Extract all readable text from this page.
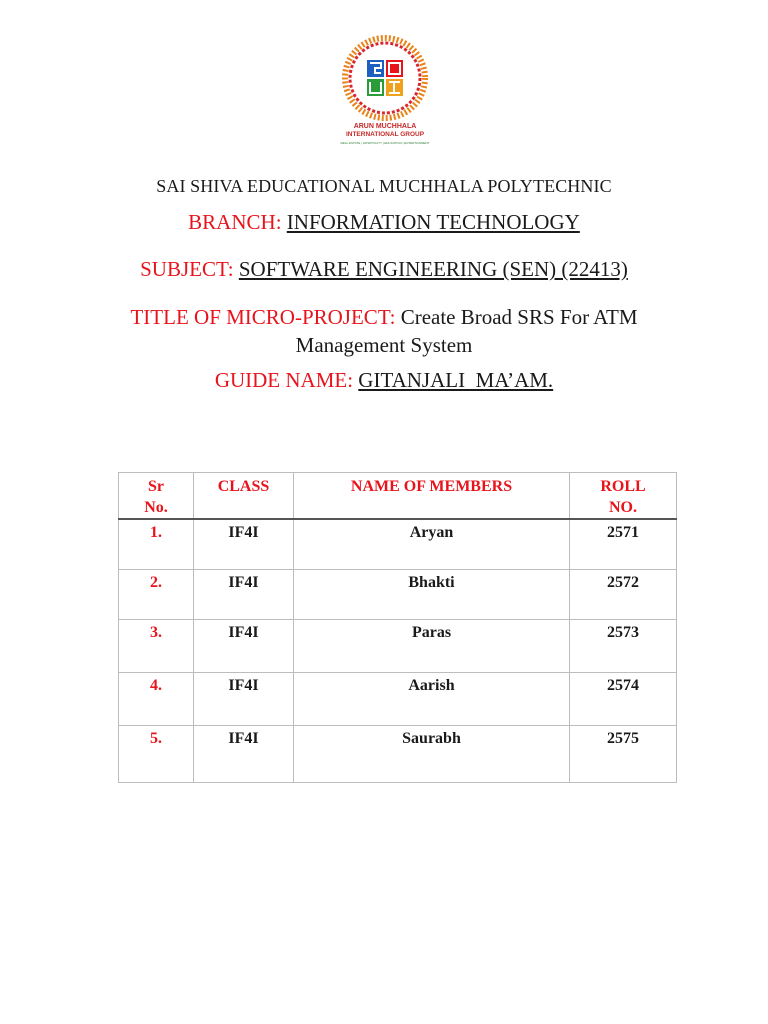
ARUN MUCHHALA
INTERNATIONAL GROUP
REAL ESTATE | HOSPITALITY | EDUCATION | ENTERTAINMENT
SAI SHIVA EDUCATIONAL MUCHHALA POLYTECHNIC
BRANCH: INFORMATION TECHNOLOGY
SUBJECT: SOFTWARE ENGINEERING (SEN) (22413)
TITLE OF MICRO-PROJECT: Create Broad SRS For ATM
Management System
GUIDE NAME: GITANJALI  MA’AM.
Sr
No.	CLASS	NAME OF MEMBERS	ROLL
NO.
1.	IF4I	Aryan	2571
2.	IF4I	Bhakti	2572
3.	IF4I	Paras	2573
4.	IF4I	Aarish	2574
5.	IF4I	Saurabh	2575
